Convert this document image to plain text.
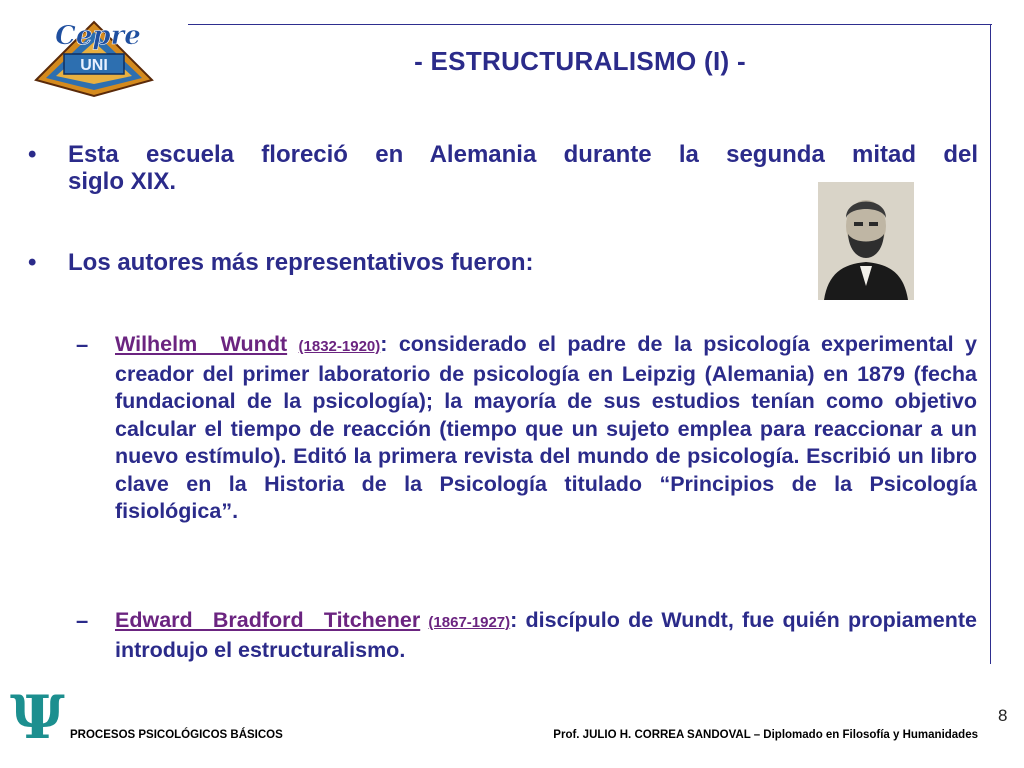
UNI
Cepre
- ESTRUCTURALISMO (I) -
• Esta escuela floreció en Alemania durante la segunda mitad del
siglo XIX.
• Los autores más representativos fueron:
– Wilhelm Wundt (1832-1920): considerado el padre de la psicología experimental y creador del primer laboratorio de psicología en Leipzig (Alemania) en 1879 (fecha fundacional de la psicología); la mayoría de sus estudios tenían como objetivo calcular el tiempo de reacción (tiempo que un sujeto emplea para reaccionar a un nuevo estímulo). Editó la primera revista del mundo de psicología. Escribió un libro clave en la Historia de la Psicología titulado “Principios de la Psicología fisiológica”.
– Edward Bradford Titchener (1867-1927): discípulo de Wundt, fue quién propiamente introdujo el estructuralismo.
8
Ψ PROCESOS PSICOLÓGICOS BÁSICOS	Prof. JULIO H. CORREA SANDOVAL – Diplomado en Filosofía y Humanidades
